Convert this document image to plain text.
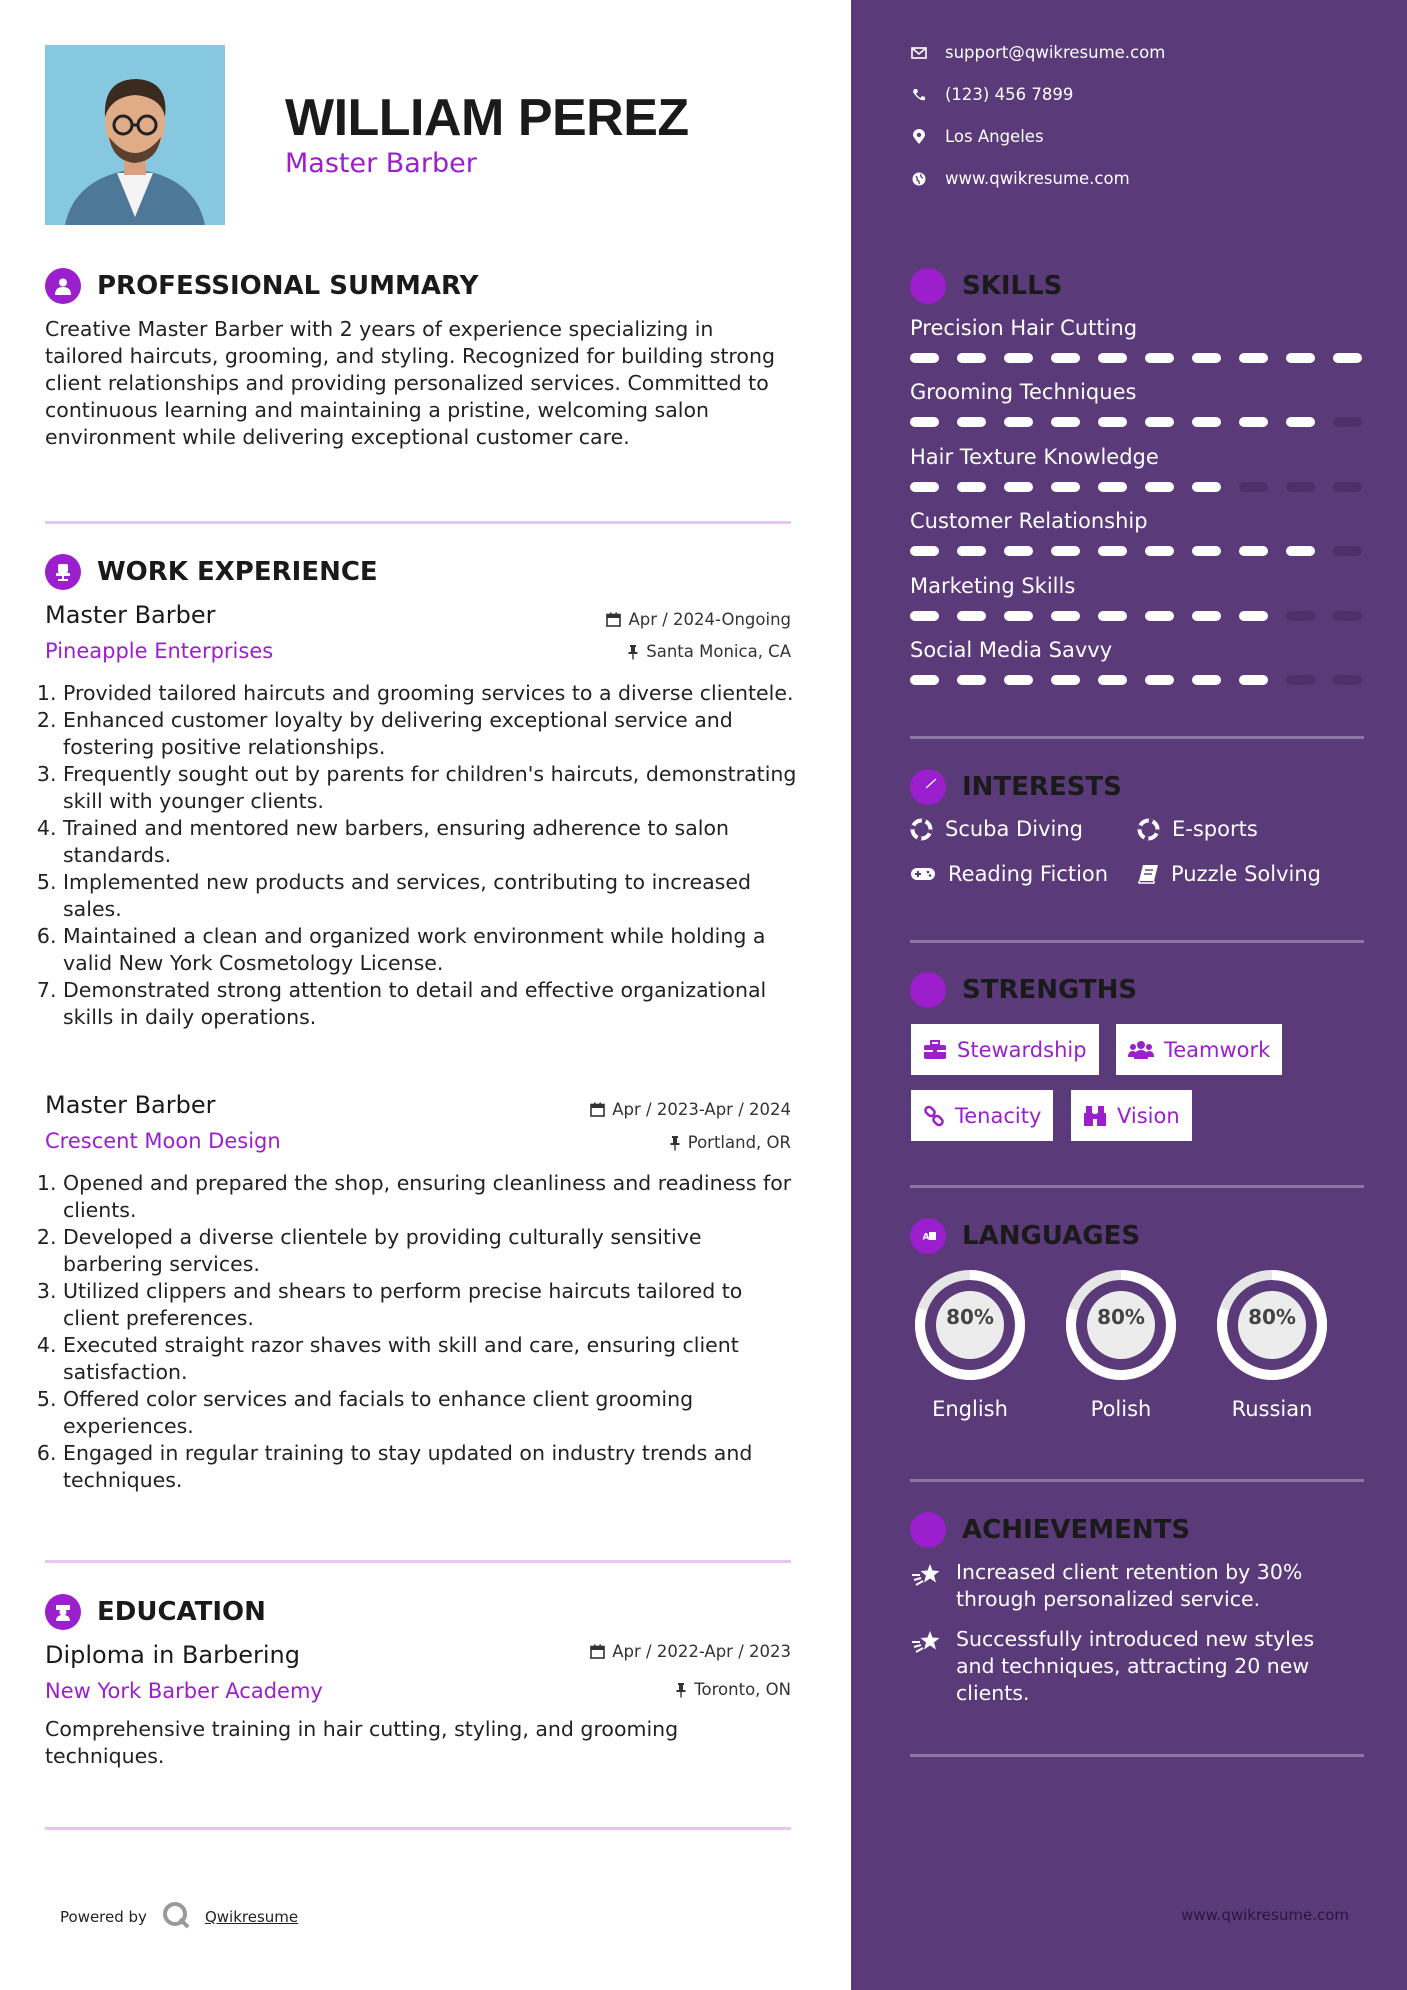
WILLIAM PEREZ
Master Barber
PROFESSIONAL SUMMARY
Creative Master Barber with 2 years of experience specializing in tailored haircuts, grooming, and styling. Recognized for building strong client relationships and providing personalized services. Committed to continuous learning and maintaining a pristine, welcoming salon environment while delivering exceptional customer care.
WORK EXPERIENCE
Master Barber
Pineapple Enterprises
Apr / 2024-Ongoing
Santa Monica, CA
1. Provided tailored haircuts and grooming services to a diverse clientele.
2. Enhanced customer loyalty by delivering exceptional service and fostering positive relationships.
3. Frequently sought out by parents for children's haircuts, demonstrating skill with younger clients.
4. Trained and mentored new barbers, ensuring adherence to salon standards.
5. Implemented new products and services, contributing to increased sales.
6. Maintained a clean and organized work environment while holding a valid New York Cosmetology License.
7. Demonstrated strong attention to detail and effective organizational skills in daily operations.
Master Barber
Crescent Moon Design
Apr / 2023-Apr / 2024
Portland, OR
1. Opened and prepared the shop, ensuring cleanliness and readiness for clients.
2. Developed a diverse clientele by providing culturally sensitive barbering services.
3. Utilized clippers and shears to perform precise haircuts tailored to client preferences.
4. Executed straight razor shaves with skill and care, ensuring client satisfaction.
5. Offered color services and facials to enhance client grooming experiences.
6. Engaged in regular training to stay updated on industry trends and techniques.
EDUCATION
Diploma in Barbering
New York Barber Academy
Apr / 2022-Apr / 2023
Toronto, ON
Comprehensive training in hair cutting, styling, and grooming techniques.
Powered by	Qwikresume	www.qwikresume.com
support@qwikresume.com
(123) 456 7899
Los Angeles
www.qwikresume.com
SKILLS
Precision Hair Cutting
Grooming Techniques
Hair Texture Knowledge
Customer Relationship
Marketing Skills
Social Media Savvy
INTERESTS
Scuba Diving	E-sports
Reading Fiction	Puzzle Solving
STRENGTHS
Stewardship	Teamwork
Tenacity	Vision
A LANGUAGES
80%
English
80%
Polish
80%
Russian
ACHIEVEMENTS
Increased client retention by 30% through personalized service.
Successfully introduced new styles and techniques, attracting 20 new clients.
